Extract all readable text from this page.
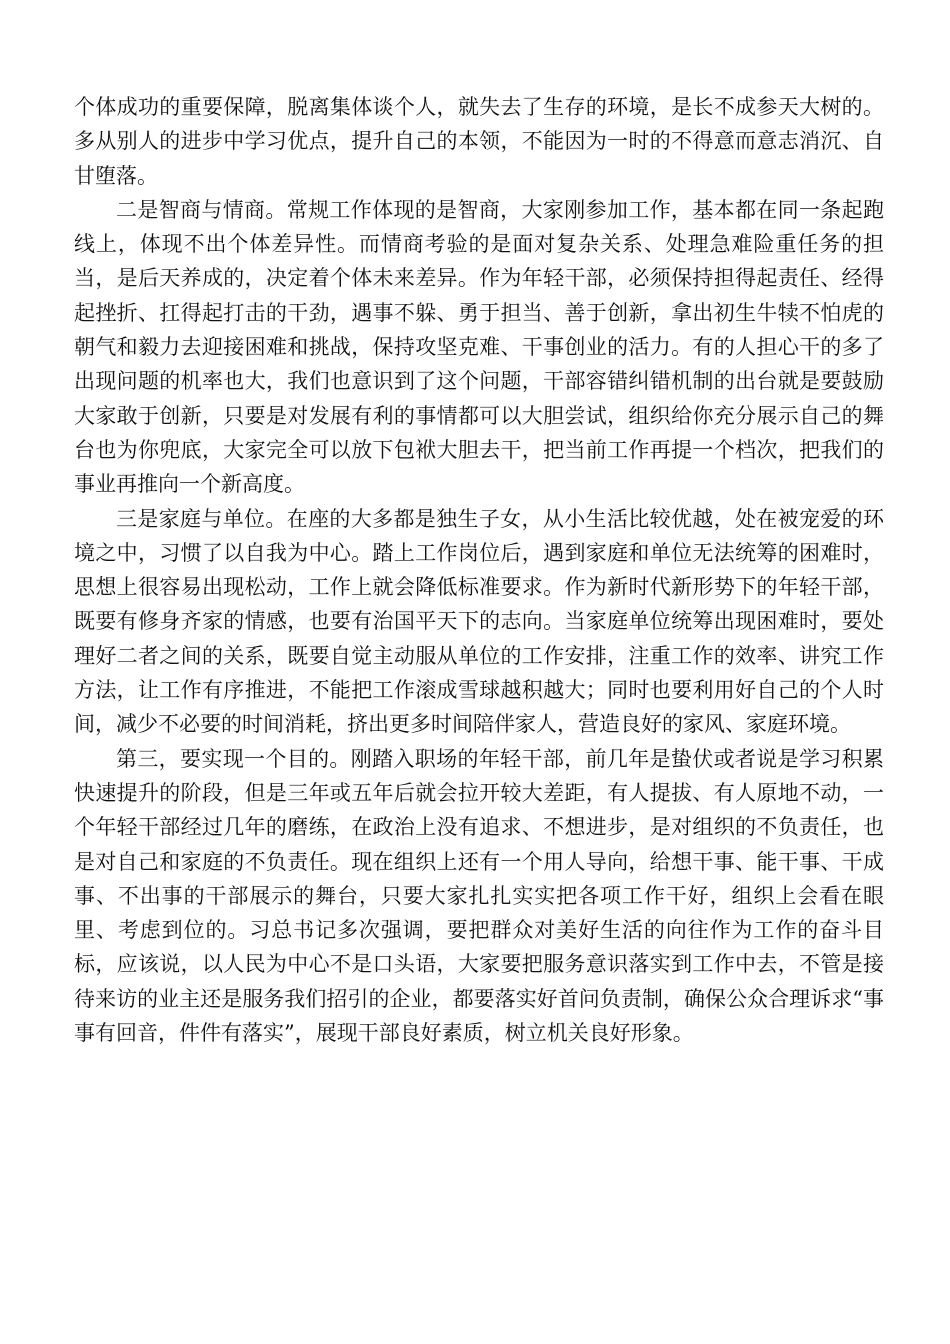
个体成功的重要保障，脱离集体谈个人，就失去了生存的环境，是长不成参天大树的。多从别人的进步中学习优点，提升自己的本领，不能因为一时的不得意而意志消沉、自甘堕落。

二是智商与情商。常规工作体现的是智商，大家刚参加工作，基本都在同一条起跑线上，体现不出个体差异性。而情商考验的是面对复杂关系、处理急难险重任务的担当，是后天养成的，决定着个体未来差异。作为年轻干部，必须保持担得起责任、经得起挫折、扛得起打击的干劲，遇事不躲、勇于担当、善于创新，拿出初生牛犊不怕虎的朝气和毅力去迎接困难和挑战，保持攻坚克难、干事创业的活力。有的人担心干的多了出现问题的机率也大，我们也意识到了这个问题，干部容错纠错机制的出台就是要鼓励大家敢于创新，只要是对发展有利的事情都可以大胆尝试，组织给你充分展示自己的舞台也为你兜底，大家完全可以放下包袱大胆去干，把当前工作再提一个档次，把我们的事业再推向一个新高度。

三是家庭与单位。在座的大多都是独生子女，从小生活比较优越，处在被宠爱的环境之中，习惯了以自我为中心。踏上工作岗位后，遇到家庭和单位无法统筹的困难时，思想上很容易出现松动，工作上就会降低标准要求。作为新时代新形势下的年轻干部，既要有修身齐家的情感，也要有治国平天下的志向。当家庭单位统筹出现困难时，要处理好二者之间的关系，既要自觉主动服从单位的工作安排，注重工作的效率、讲究工作方法，让工作有序推进，不能把工作滚成雪球越积越大；同时也要利用好自己的个人时间，减少不必要的时间消耗，挤出更多时间陪伴家人，营造良好的家风、家庭环境。

第三，要实现一个目的。刚踏入职场的年轻干部，前几年是蛰伏或者说是学习积累快速提升的阶段，但是三年或五年后就会拉开较大差距，有人提拔、有人原地不动，一个年轻干部经过几年的磨练，在政治上没有追求、不想进步，是对组织的不负责任，也是对自己和家庭的不负责任。现在组织上还有一个用人导向，给想干事、能干事、干成事、不出事的干部展示的舞台，只要大家扎扎实实把各项工作干好，组织上会看在眼里、考虑到位的。习总书记多次强调，要把群众对美好生活的向往作为工作的奋斗目标，应该说，以人民为中心不是口头语，大家要把服务意识落实到工作中去，不管是接待来访的业主还是服务我们招引的企业，都要落实好首问负责制，确保公众合理诉求“事事有回音，件件有落实”，展现干部良好素质，树立机关良好形象。
